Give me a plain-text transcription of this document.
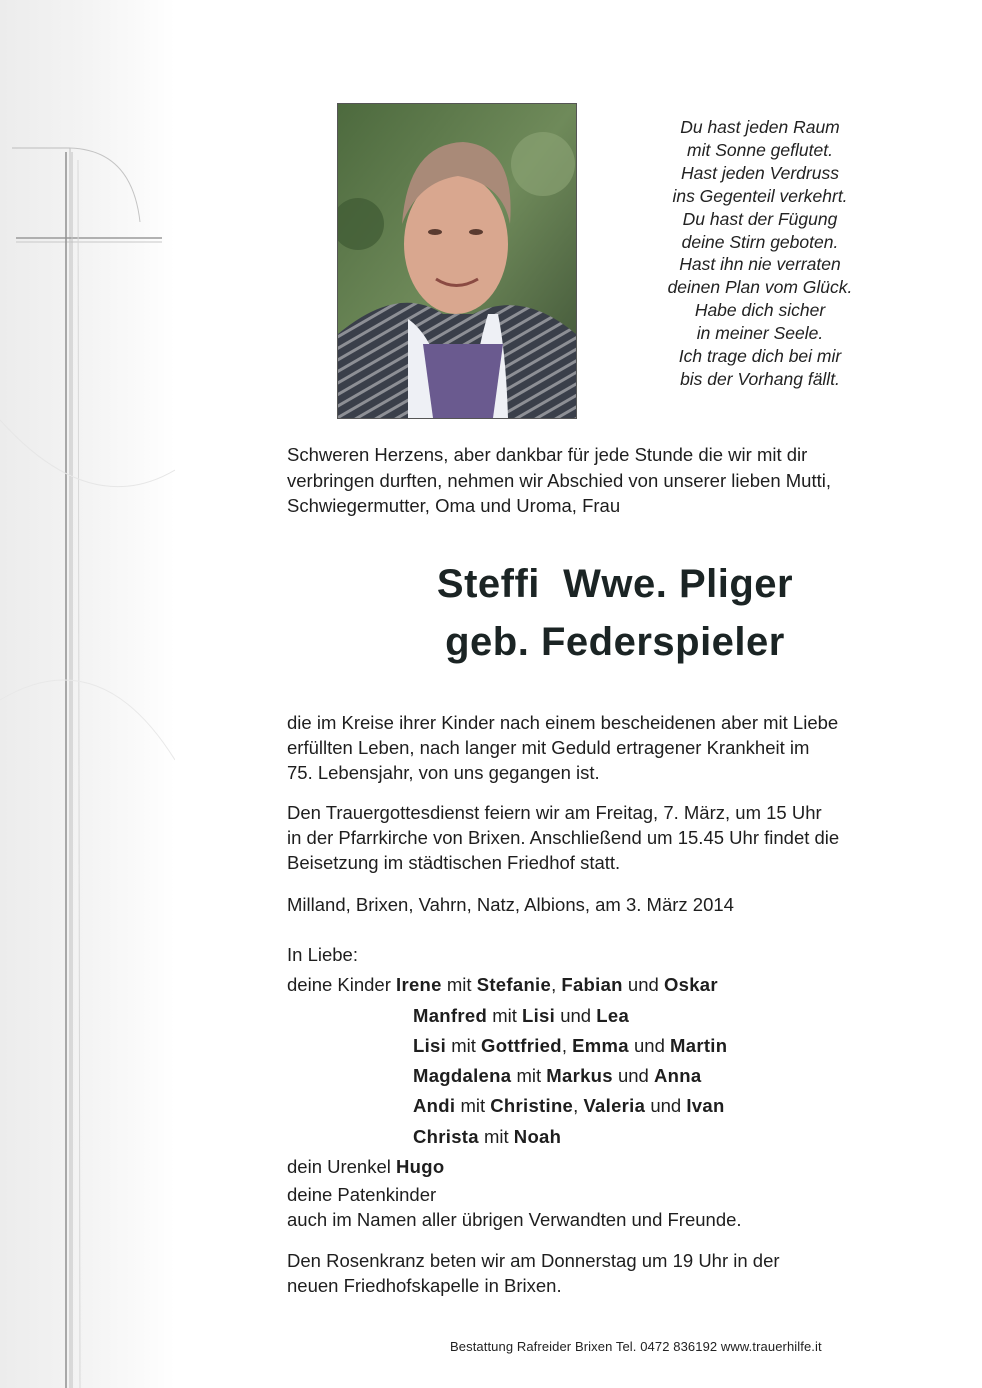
Du hast jeden Raum
mit Sonne geflutet.
Hast jeden Verdruss
ins Gegenteil verkehrt.
Du hast der Fügung
deine Stirn geboten.
Hast ihn nie verraten
deinen Plan vom Glück.
Habe dich sicher
in meiner Seele.
Ich trage dich bei mir
bis der Vorhang fällt.
Schweren Herzens, aber dankbar für jede Stunde die wir mit dir
verbringen durften, nehmen wir Abschied von unserer lieben Mutti,
Schwiegermutter, Oma und Uroma, Frau
Steffi  Wwe. Pliger
geb. Federspieler
die im Kreise ihrer Kinder nach einem bescheidenen aber mit Liebe
erfüllten Leben, nach langer mit Geduld ertragener Krankheit im
75. Lebensjahr, von uns gegangen ist.
Den Trauergottesdienst feiern wir am Freitag, 7. März, um 15 Uhr
in der Pfarrkirche von Brixen. Anschließend um 15.45 Uhr findet die
Beisetzung im städtischen Friedhof statt.
Milland, Brixen, Vahrn, Natz, Albions, am 3. März 2014
In Liebe:
deine Kinder Irene mit Stefanie, Fabian und Oskar
Manfred mit Lisi und Lea
Lisi mit Gottfried, Emma und Martin
Magdalena mit Markus und Anna
Andi mit Christine, Valeria und Ivan
Christa mit Noah
dein Urenkel Hugo
deine Patenkinder
auch im Namen aller übrigen Verwandten und Freunde.
Den Rosenkranz beten wir am Donnerstag um 19 Uhr in der
neuen Friedhofskapelle in Brixen.
Bestattung Rafreider Brixen Tel. 0472 836192 www.trauerhilfe.it
